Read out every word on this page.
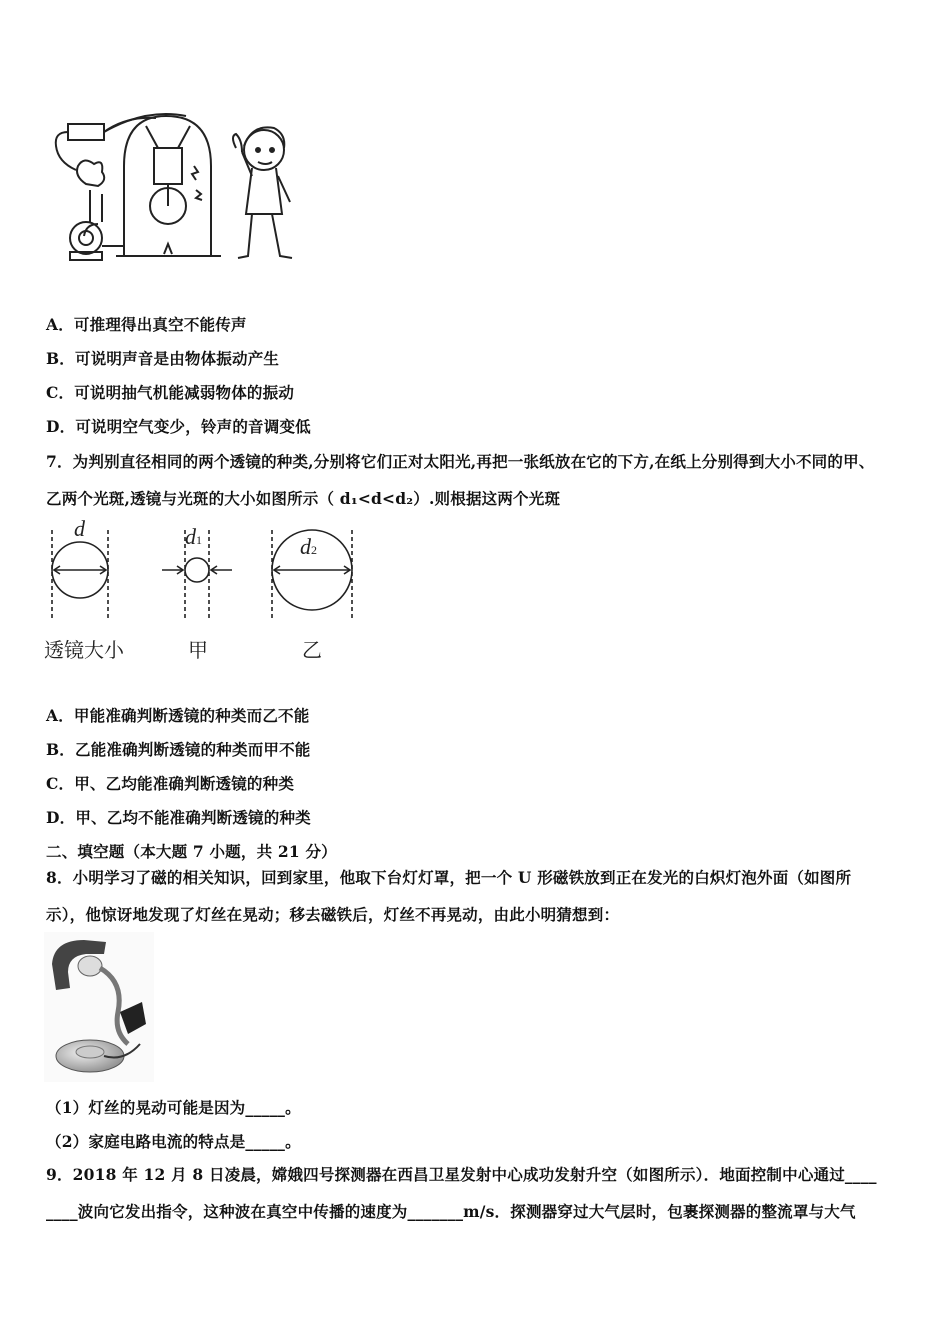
A．可推理得出真空不能传声
B．可说明声音是由物体振动产生
C．可说明抽气机能减弱物体的振动
D．可说明空气变少，铃声的音调变低
7．为判别直径相同的两个透镜的种类,分别将它们正对太阳光,再把一张纸放在它的下方,在纸上分别得到大小不同的甲、
乙两个光斑,透镜与光斑的大小如图所示（ d₁<d<d₂）.则根据这两个光斑
d	d1	d2
透镜大小	甲	乙
A．甲能准确判断透镜的种类而乙不能
B．乙能准确判断透镜的种类而甲不能
C．甲、乙均能准确判断透镜的种类
D．甲、乙均不能准确判断透镜的种类
二、填空题（本大题 7 小题，共 21 分）
8．小明学习了磁的相关知识，回到家里，他取下台灯灯罩，把一个 U 形磁铁放到正在发光的白炽灯泡外面（如图所
示），他惊讶地发现了灯丝在晃动；移去磁铁后，灯丝不再晃动，由此小明猜想到：
（1）灯丝的晃动可能是因为_____。
（2）家庭电路电流的特点是_____。
9．2018 年 12 月 8 日凌晨，嫦娥四号探测器在西昌卫星发射中心成功发射升空（如图所示）．地面控制中心通过____
____波向它发出指令，这种波在真空中传播的速度为_______m/s．探测器穿过大气层时，包裹探测器的整流罩与大气
